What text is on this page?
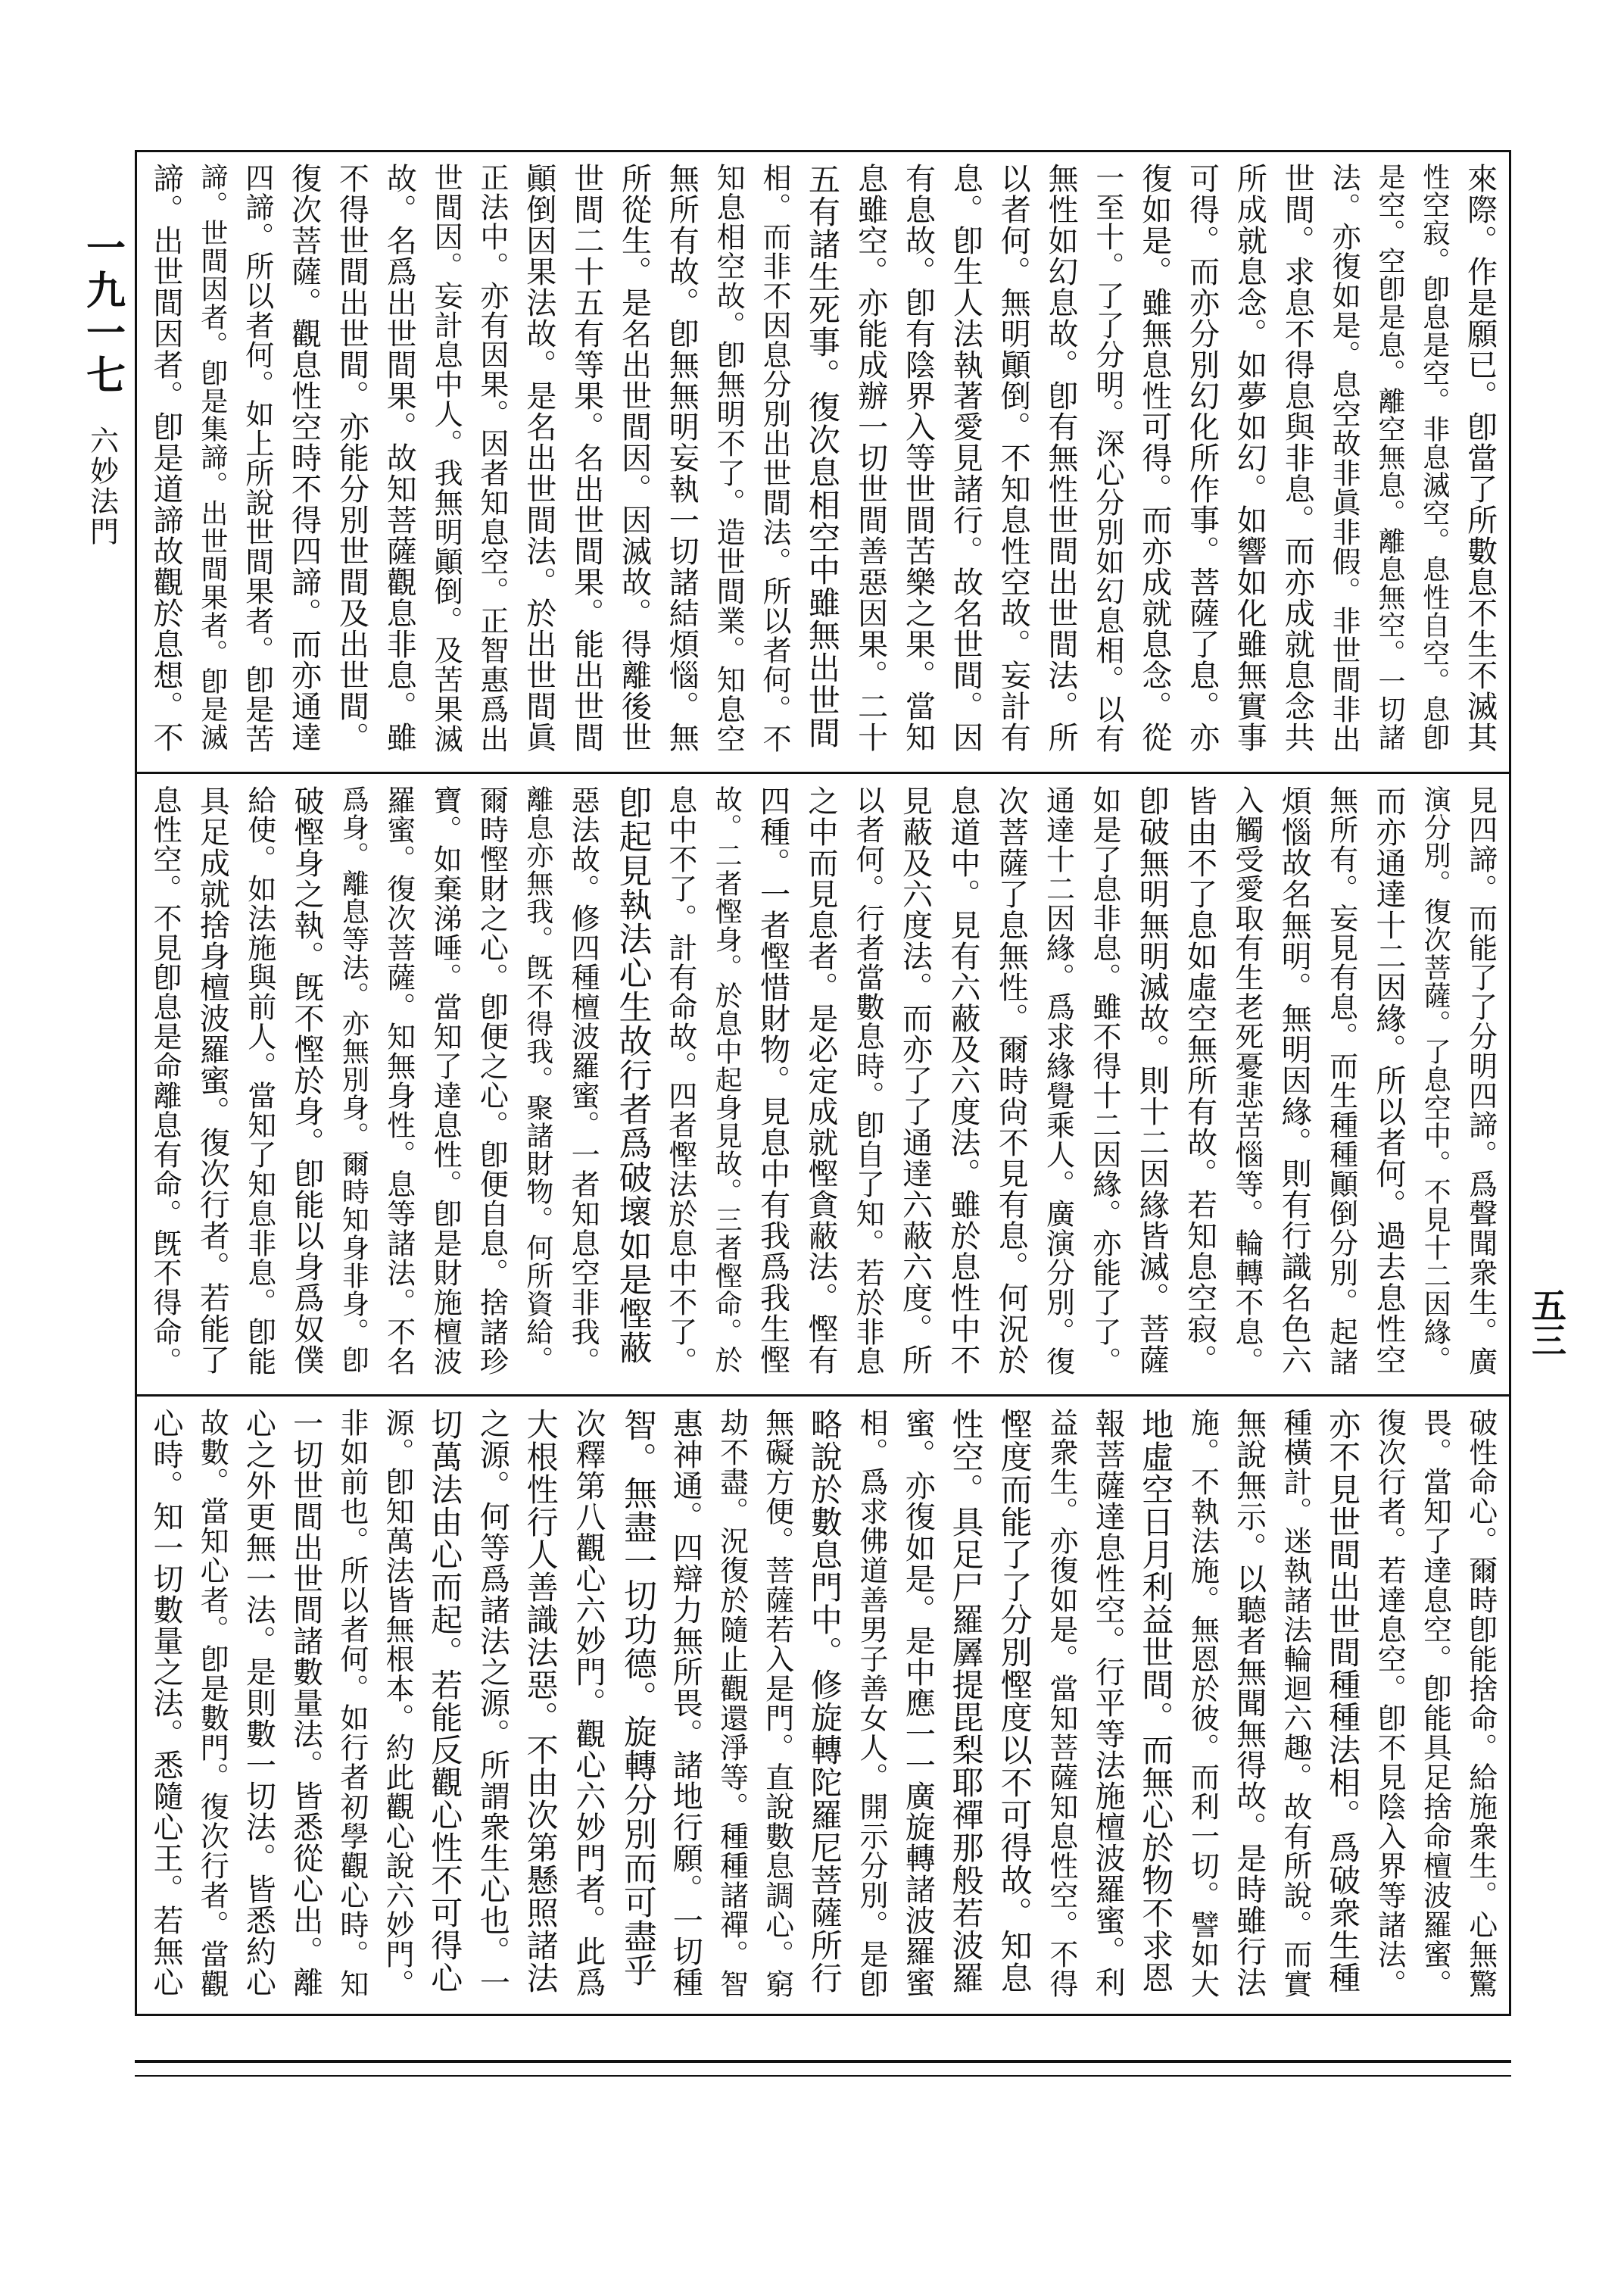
一九一七
六妙法門	來際。作是願已。卽當了所數息不生不滅其
性空寂。卽息是空。非息滅空。息性自空。息卽
是空。空卽是息。離空無息。離息無空。一切諸
法。亦復如是。息空故非眞非假。非世間非出
世間。求息不得息與非息。而亦成就息念共
所成就息念。如夢如幻。如響如化雖無實事
可得。而亦分別幻化所作事。菩薩了息。亦
復如是。雖無息性可得。而亦成就息念。從
一至十。了了分明。深心分別如幻息相。以有
無性如幻息故。卽有無性世間出世間法。所
以者何。無明顚倒。不知息性空故。妄計有
息。卽生人法執著愛見諸行。故名世間。因
有息故。卽有陰界入等世間苦樂之果。當知
息雖空。亦能成辦一切世間善惡因果。二十
五有諸生死事。復次息相空中雖無出世間
相。而非不因息分別出世間法。所以者何。不
知息相空故。卽無明不了。造世間業。知息空
無所有故。卽無無明妄執一切諸結煩惱。無
所從生。是名出世間因。因滅故。得離後世
世間二十五有等果。名出世間果。能出世間
顚倒因果法故。是名出世間法。於出世間眞
正法中。亦有因果。因者知息空。正智惠爲出
世間因。妄計息中人。我無明顚倒。及苦果滅
故。名爲出世間果。故知菩薩觀息非息。雖
不得世間出世間。亦能分別世間及出世間。
復次菩薩。觀息性空時不得四諦。而亦通達
四諦。所以者何。如上所說世間果者。卽是苦
諦。世間因者。卽是集諦。出世間果者。卽是滅
諦。出世間因者。卽是道諦故觀於息想。不
見四諦。而能了了分明四諦。爲聲聞衆生。廣
演分別。復次菩薩。了息空中。不見十二因緣。
而亦通達十二因緣。所以者何。過去息性空
無所有。妄見有息。而生種種顚倒分別。起諸
煩惱故名無明。無明因緣。則有行識名色六
入觸受愛取有生老死憂悲苦惱等。輪轉不息。
皆由不了息如虛空無所有故。若知息空寂。
卽破無明無明滅故。則十二因緣皆滅。菩薩
如是了息非息。雖不得十二因緣。亦能了了。
通達十二因緣。爲求緣覺乘人。廣演分別。復
次菩薩了息無性。爾時尙不見有息。何況於
息道中。見有六蔽及六度法。雖於息性中不
見蔽及六度法。而亦了了通達六蔽六度。所
以者何。行者當數息時。卽自了知。若於非息
之中而見息者。是必定成就慳貪蔽法。慳有
四種。一者慳惜財物。見息中有我爲我生慳
故。二者慳身。於息中起身見故。三者慳命。於
息中不了。計有命故。四者慳法於息中不了。
卽起見執法心生故行者爲破壞如是慳蔽
惡法故。修四種檀波羅蜜。一者知息空非我。
離息亦無我。旣不得我。聚諸財物。何所資給。
爾時慳財之心。卽便之心。卽便自息。捨諸珍
寶。如棄涕唾。當知了達息性。卽是財施檀波
羅蜜。復次菩薩。知無身性。息等諸法。不名
爲身。離息等法。亦無別身。爾時知身非身。卽
破慳身之執。旣不慳於身。卽能以身爲奴僕
給使。如法施與前人。當知了知息非息。卽能
具足成就捨身檀波羅蜜。復次行者。若能了
息性空。不見卽息是命離息有命。旣不得命。
破性命心。爾時卽能捨命。給施衆生。心無驚
畏。當知了達息空。卽能具足捨命檀波羅蜜。
復次行者。若達息空。卽不見陰入界等諸法。
亦不見世間出世間種種法相。爲破衆生種
種橫計。迷執諸法輪迴六趣。故有所說。而實
無說無示。以聽者無聞無得故。是時雖行法
施。不執法施。無恩於彼。而利一切。譬如大
地虛空日月利益世間。而無心於物不求恩
報菩薩達息性空。行平等法施檀波羅蜜。利
益衆生。亦復如是。當知菩薩知息性空。不得
慳度而能了了分別慳度以不可得故。知息
性空。具足尸羅羼提毘梨耶禪那般若波羅
蜜。亦復如是。是中應一一廣旋轉諸波羅蜜
相。爲求佛道善男子善女人。開示分別。是卽
略說於數息門中。修旋轉陀羅尼菩薩所行
無礙方便。菩薩若入是門。直說數息調心。窮
劫不盡。況復於隨止觀還淨等。種種諸禪。智
惠神通。四辯力無所畏。諸地行願。一切種
智。無盡一切功德。旋轉分別而可盡乎
次釋第八觀心六妙門。觀心六妙門者。此爲
大根性行人善識法惡。不由次第懸照諸法
之源。何等爲諸法之源。所謂衆生心也。一
切萬法由心而起。若能反觀心性不可得心
源。卽知萬法皆無根本。約此觀心說六妙門。
非如前也。所以者何。如行者初學觀心時。知
一切世間出世間諸數量法。皆悉從心出。離
心之外更無一法。是則數一切法。皆悉約心
故數。當知心者。卽是數門。復次行者。當觀
心時。知一切數量之法。悉隨心王。若無心
五三
